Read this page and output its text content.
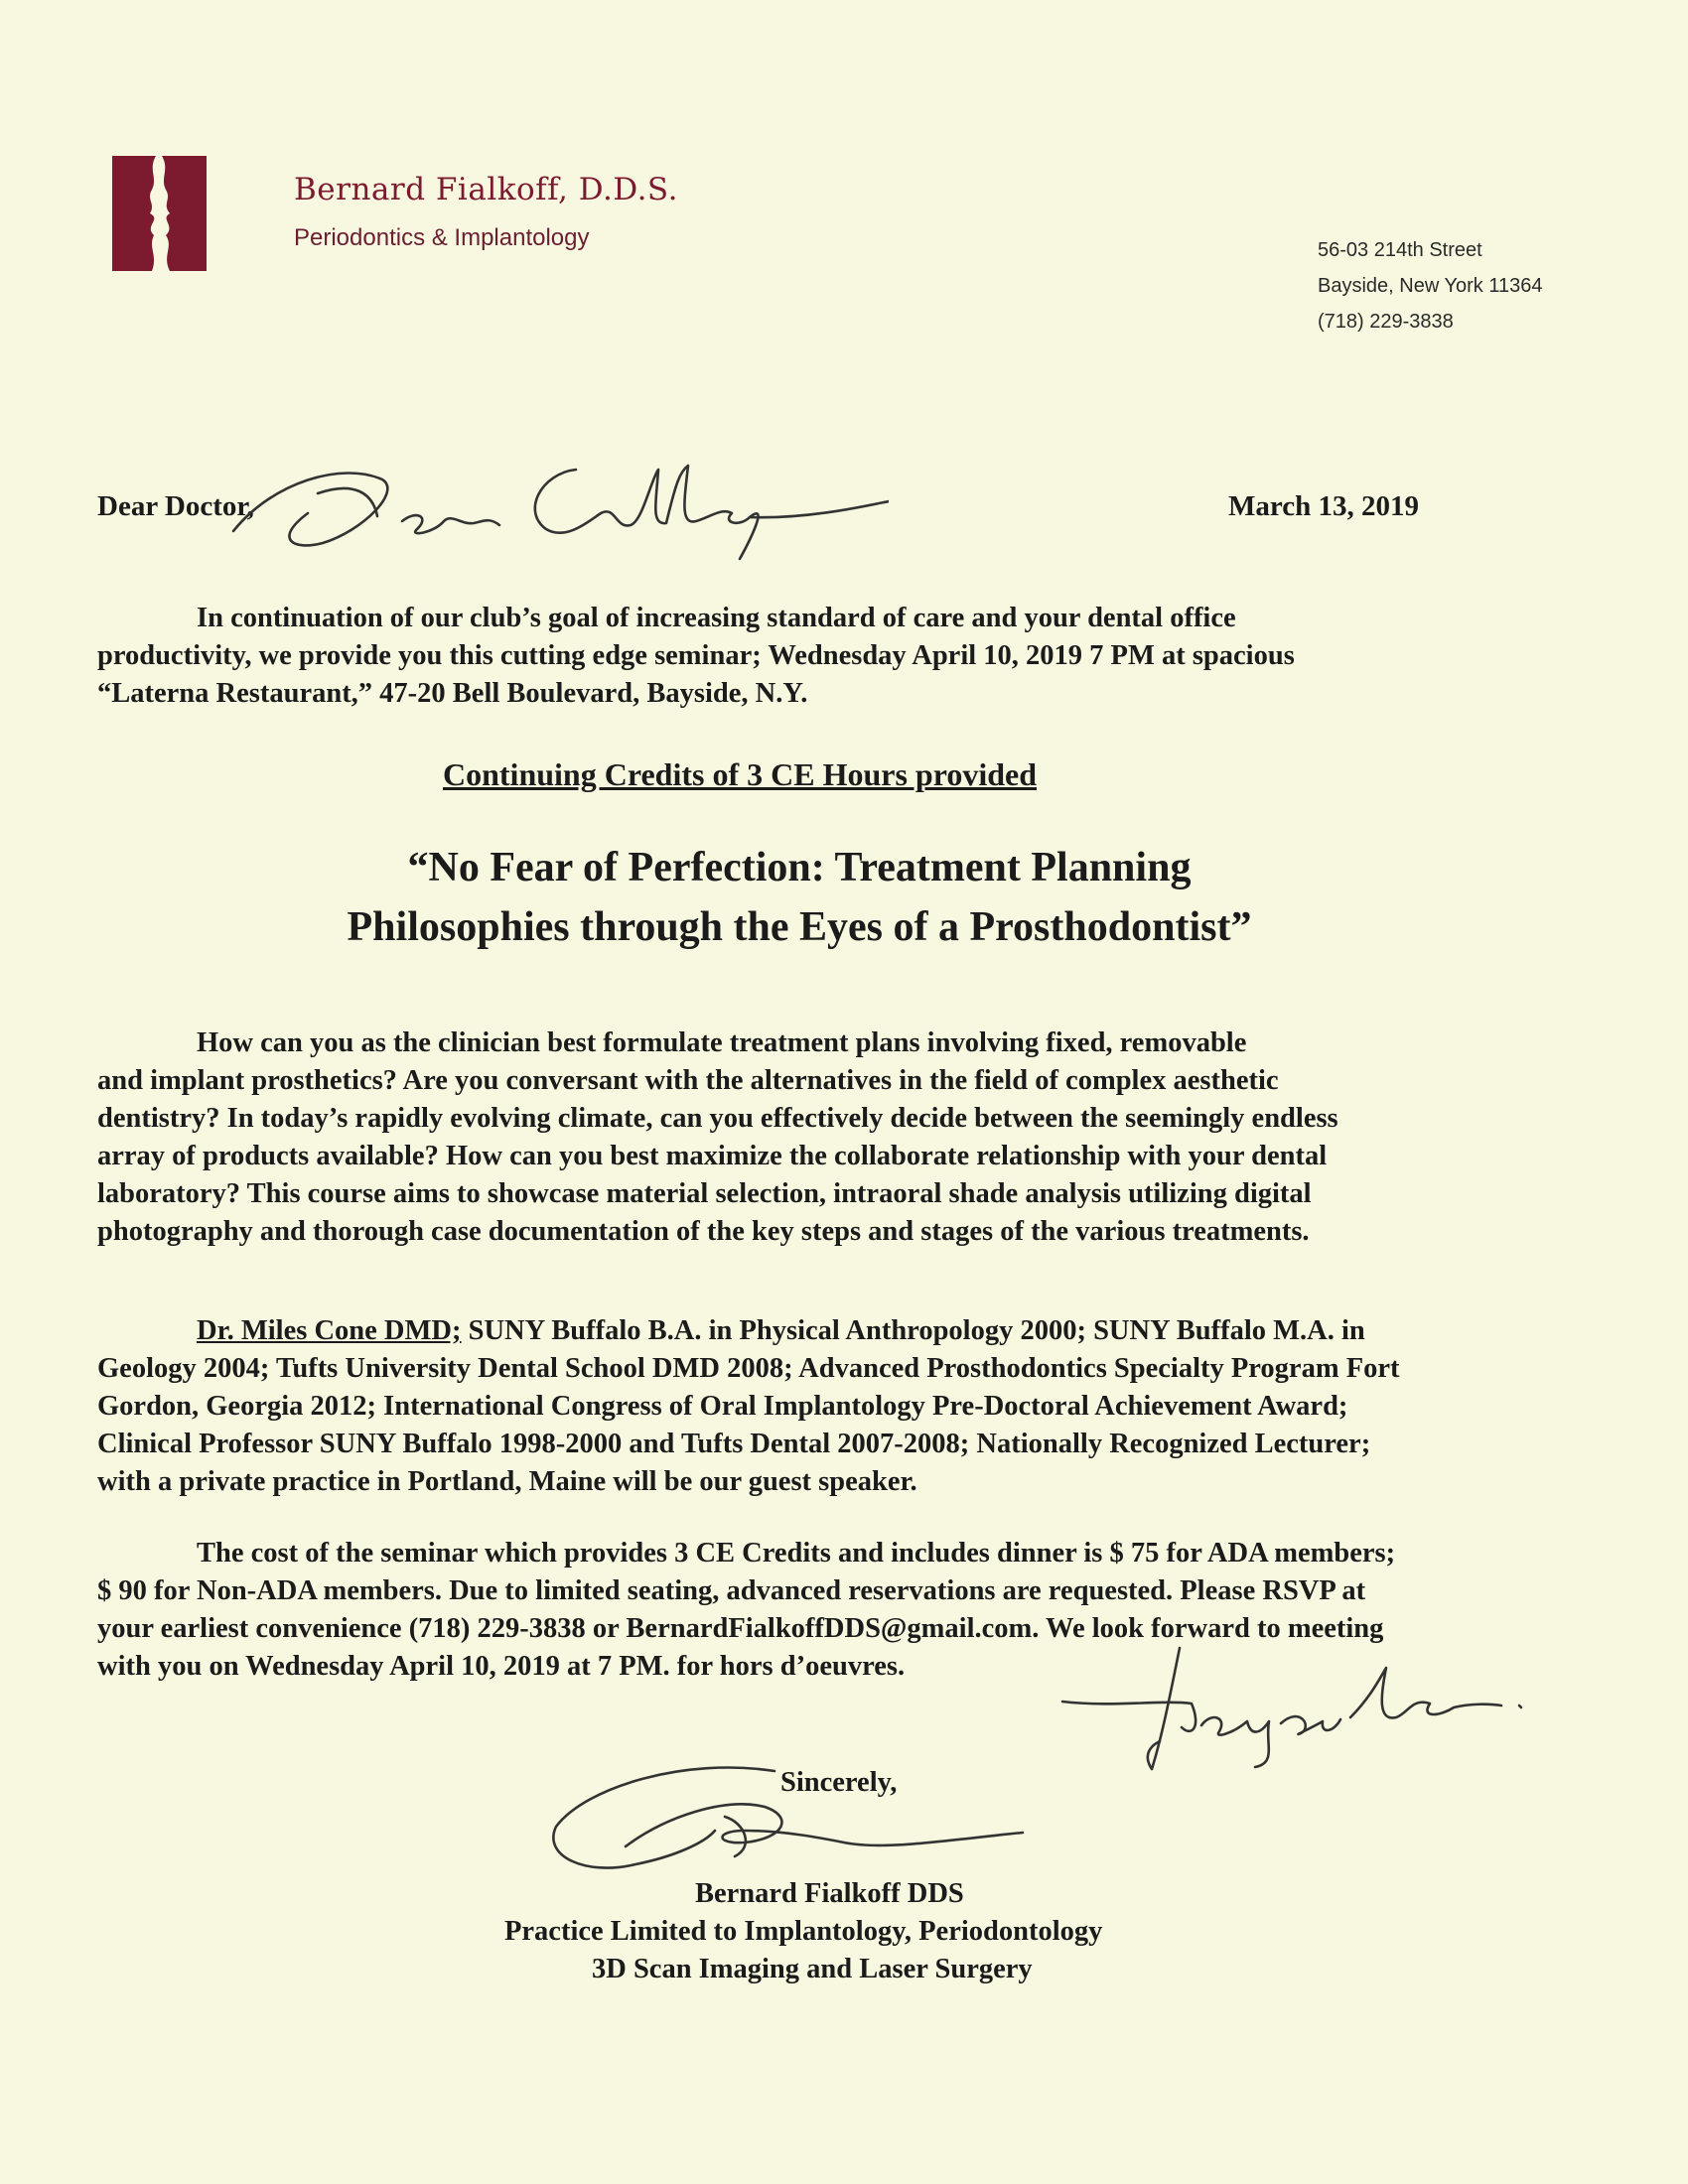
Bernard Fialkoff, D.D.S.
Periodontics & Implantology	56-03 214th Street
Bayside, New York 11364
(718) 229-3838
Dear Doctor,	March 13, 2019

In continuation of our club’s goal of increasing standard of care and your dental office
productivity, we provide you this cutting edge seminar; Wednesday April 10, 2019 7 PM at spacious
“Laterna Restaurant,” 47-20 Bell Boulevard, Bayside, N.Y.

Continuing Credits of 3 CE Hours provided
“No Fear of Perfection: Treatment Planning
Philosophies through the Eyes of a Prosthodontist”

How can you as the clinician best formulate treatment plans involving fixed, removable
and implant prosthetics? Are you conversant with the alternatives in the field of complex aesthetic
dentistry? In today’s rapidly evolving climate, can you effectively decide between the seemingly endless
array of products available? How can you best maximize the collaborate relationship with your dental
laboratory? This course aims to showcase material selection, intraoral shade analysis utilizing digital
photography and thorough case documentation of the key steps and stages of the various treatments.

Dr. Miles Cone DMD; SUNY Buffalo B.A. in Physical Anthropology 2000; SUNY Buffalo M.A. in
Geology 2004; Tufts University Dental School DMD 2008; Advanced Prosthodontics Specialty Program Fort
Gordon, Georgia 2012; International Congress of Oral Implantology Pre-Doctoral Achievement Award;
Clinical Professor SUNY Buffalo 1998-2000 and Tufts Dental 2007-2008; Nationally Recognized Lecturer;
with a private practice in Portland, Maine will be our guest speaker.

The cost of the seminar which provides 3 CE Credits and includes dinner is $ 75 for ADA members;
$ 90 for Non-ADA members. Due to limited seating, advanced reservations are requested. Please RSVP at
your earliest convenience (718) 229-3838 or BernardFialkoffDDS@gmail.com. We look forward to meeting
with you on Wednesday April 10, 2019 at 7 PM. for hors d’oeuvres.

Sincerely,
Bernard Fialkoff DDS
Practice Limited to Implantology, Periodontology
3D Scan Imaging and Laser Surgery
